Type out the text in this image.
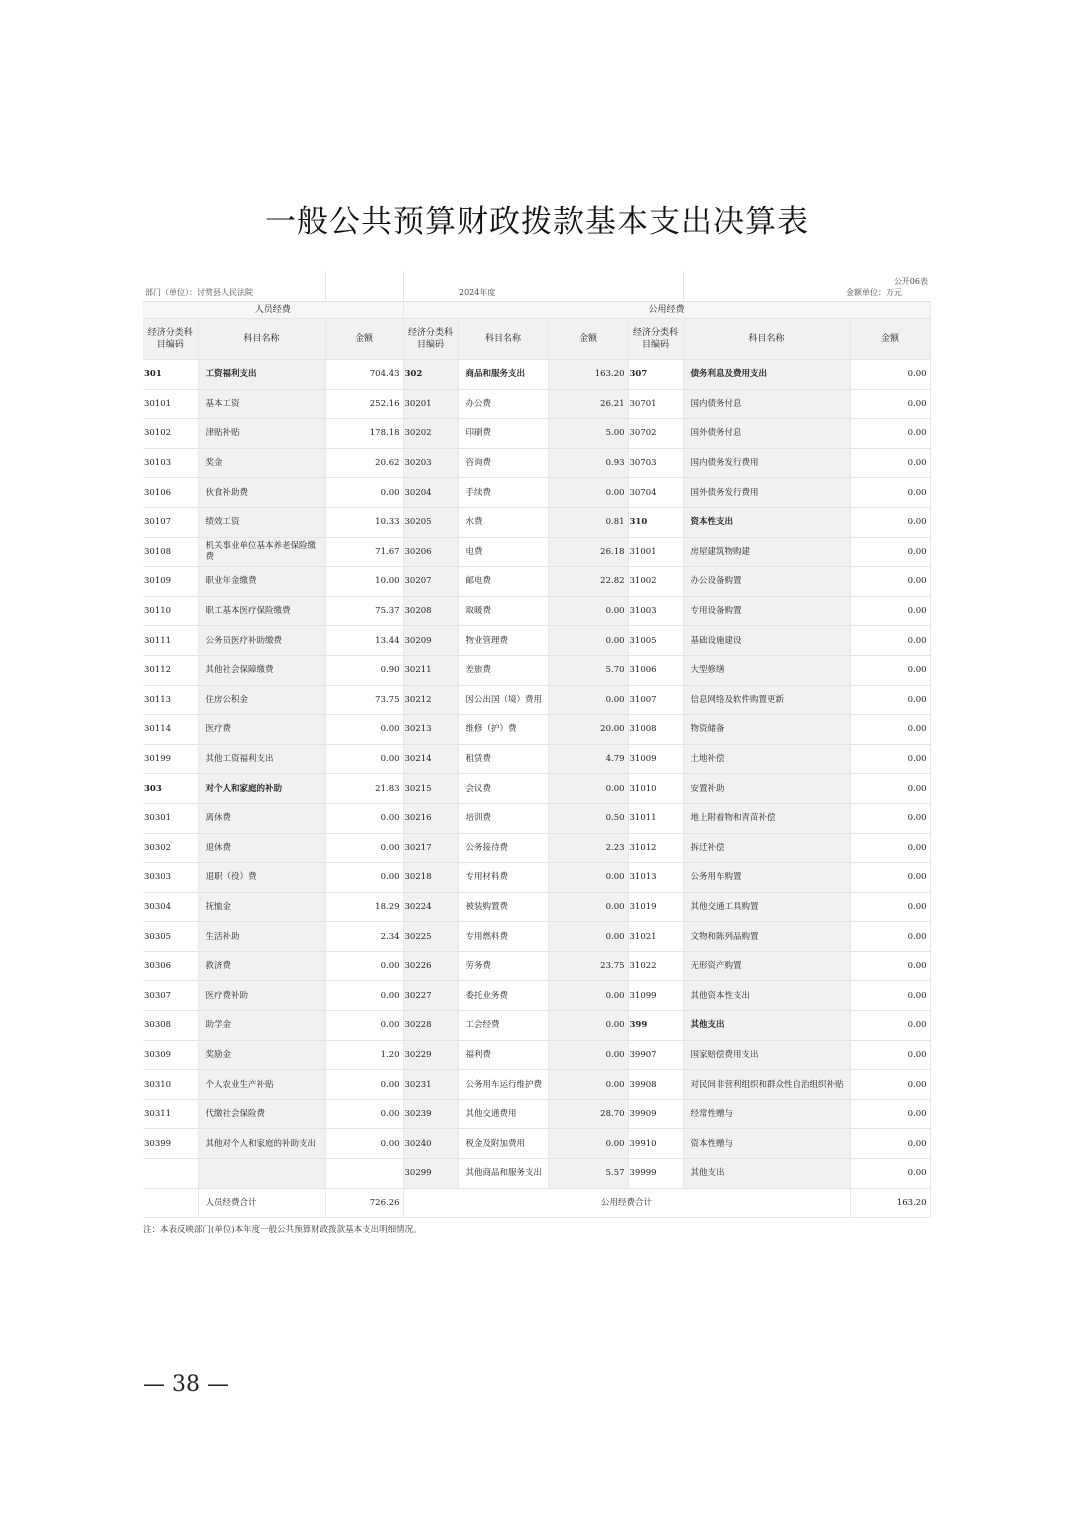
一般公共预算财政拨款基本支出决算表
部门（单位）：讨赏县人民法院	2024年度
公开06表
金额单位：万元
人员经费			公用经费					
经济分类科目编码	科目名称	金额	经济分类科目编码	科目名称	金额	经济分类科目编码	科目名称	金额
301	工资福利支出	704.43	302	商品和服务支出	163.20	307	债务利息及费用支出	0.00
30101	基本工资	252.16	30201	办公费	26.21	30701	国内债务付息	0.00
30102	津贴补贴	178.18	30202	印刷费	5.00	30702	国外债务付息	0.00
30103	奖金	20.62	30203	咨询费	0.93	30703	国内债务发行费用	0.00
30106	伙食补助费	0.00	30204	手续费	0.00	30704	国外债务发行费用	0.00
30107	绩效工资	10.33	30205	水费	0.81	310	资本性支出	0.00
30108	机关事业单位基本养老保险缴费	71.67	30206	电费	26.18	31001	房屋建筑物购建	0.00
30109	职业年金缴费	10.00	30207	邮电费	22.82	31002	办公设备购置	0.00
30110	职工基本医疗保险缴费	75.37	30208	取暖费	0.00	31003	专用设备购置	0.00
30111	公务员医疗补助缴费	13.44	30209	物业管理费	0.00	31005	基础设施建设	0.00
30112	其他社会保障缴费	0.90	30211	差旅费	5.70	31006	大型修缮	0.00
30113	住房公积金	73.75	30212	因公出国（境）费用	0.00	31007	信息网络及软件购置更新	0.00
30114	医疗费	0.00	30213	维修（护）费	20.00	31008	物资储备	0.00
30199	其他工资福利支出	0.00	30214	租赁费	4.79	31009	土地补偿	0.00
303	对个人和家庭的补助	21.83	30215	会议费	0.00	31010	安置补助	0.00
30301	离休费	0.00	30216	培训费	0.50	31011	地上附着物和青苗补偿	0.00
30302	退休费	0.00	30217	公务接待费	2.23	31012	拆迁补偿	0.00
30303	退职（役）费	0.00	30218	专用材料费	0.00	31013	公务用车购置	0.00
30304	抚恤金	18.29	30224	被装购置费	0.00	31019	其他交通工具购置	0.00
30305	生活补助	2.34	30225	专用燃料费	0.00	31021	文物和陈列品购置	0.00
30306	救济费	0.00	30226	劳务费	23.75	31022	无形资产购置	0.00
30307	医疗费补助	0.00	30227	委托业务费	0.00	31099	其他资本性支出	0.00
30308	助学金	0.00	30228	工会经费	0.00	399	其他支出	0.00
30309	奖励金	1.20	30229	福利费	0.00	39907	国家赔偿费用支出	0.00
30310	个人农业生产补贴	0.00	30231	公务用车运行维护费	0.00	39908	对民间非营利组织和群众性自治组织补贴	0.00
30311	代缴社会保险费	0.00	30239	其他交通费用	28.70	39909	经常性赠与	0.00
30399	其他对个人和家庭的补助支出	0.00	30240	税金及附加费用	0.00	39910	资本性赠与	0.00
			30299	其他商品和服务支出	5.57	39999	其他支出	0.00
	人员经费合计	726.26	公用经费合计					163.20
注：本表反映部门(单位)本年度一般公共预算财政拨款基本支出明细情况。
— 38 —
